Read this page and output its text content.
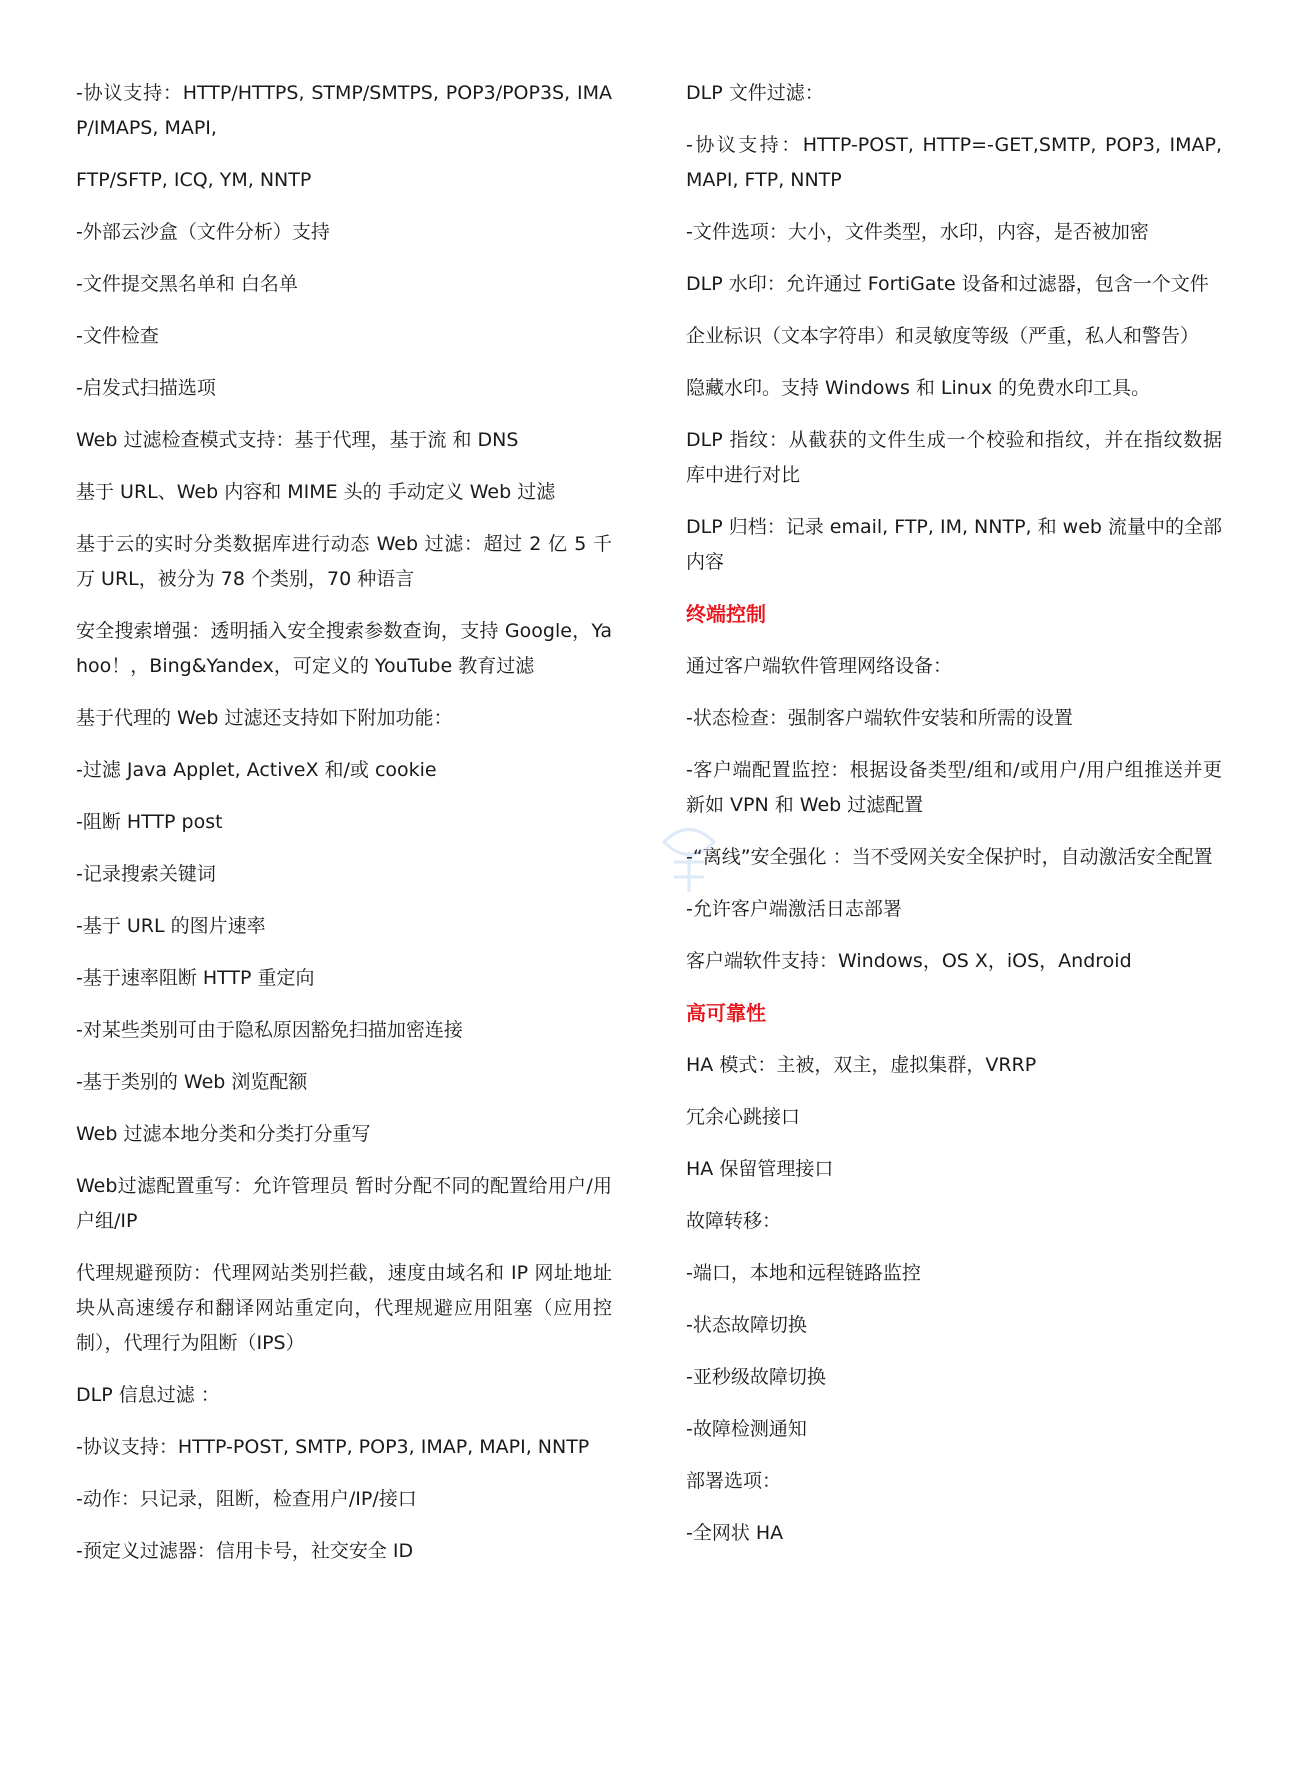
-协议支持：HTTP/HTTPS, STMP/SMTPS, POP3/POP3S, IMAP/IMAPS, MAPI,

FTP/SFTP, ICQ, YM, NNTP

-外部云沙盒（文件分析）支持

-文件提交黑名单和 白名单

-文件检查

-启发式扫描选项

Web 过滤检查模式支持：基于代理，基于流 和 DNS

基于 URL、Web 内容和 MIME 头的 手动定义 Web 过滤

基于云的实时分类数据库进行动态 Web 过滤：超过 2 亿 5 千万 URL，被分为 78 个类别，70 种语言

安全搜索增强：透明插入安全搜索参数查询，支持 Google，Yahoo！，Bing&Yandex，可定义的 YouTube 教育过滤

基于代理的 Web 过滤还支持如下附加功能：

-过滤 Java Applet, ActiveX 和/或 cookie

-阻断 HTTP post

-记录搜索关键词

-基于 URL 的图片速率

-基于速率阻断 HTTP 重定向

-对某些类别可由于隐私原因豁免扫描加密连接

-基于类别的 Web 浏览配额

Web 过滤本地分类和分类打分重写

Web过滤配置重写：允许管理员 暂时分配不同的配置给用户/用户组/IP

代理规避预防：代理网站类别拦截，速度由域名和 IP 网址地址块从高速缓存和翻译网站重定向，代理规避应用阻塞（应用控制），代理行为阻断（IPS）

DLP 信息过滤 ：

-协议支持：HTTP-POST, SMTP, POP3, IMAP, MAPI, NNTP

-动作：只记录，阻断，检查用户/IP/接口

-预定义过滤器：信用卡号，社交安全 ID

DLP 文件过滤：

-协议支持：HTTP-POST, HTTP=-GET,SMTP, POP3, IMAP, MAPI, FTP, NNTP

-文件选项：大小，文件类型，水印，内容，是否被加密

DLP 水印：允许通过 FortiGate 设备和过滤器，包含一个文件

企业标识（文本字符串）和灵敏度等级（严重，私人和警告）

隐藏水印。支持 Windows 和 Linux 的免费水印工具。

DLP 指纹：从截获的文件生成一个校验和指纹，并在指纹数据库中进行对比

DLP 归档：记录 email, FTP, IM, NNTP, 和 web 流量中的全部内容

终端控制

通过客户端软件管理网络设备：

-状态检查：强制客户端软件安装和所需的设置

-客户端配置监控：根据设备类型/组和/或用户/用户组推送并更新如 VPN 和 Web 过滤配置

-“离线”安全强化 ：当不受网关安全保护时，自动激活安全配置

-允许客户端激活日志部署

客户端软件支持：Windows，OS X，iOS，Android

高可靠性

HA 模式：主被，双主，虚拟集群，VRRP

冗余心跳接口

HA 保留管理接口

故障转移：

-端口，本地和远程链路监控

-状态故障切换

-亚秒级故障切换

-故障检测通知

部署选项：

-全网状 HA
